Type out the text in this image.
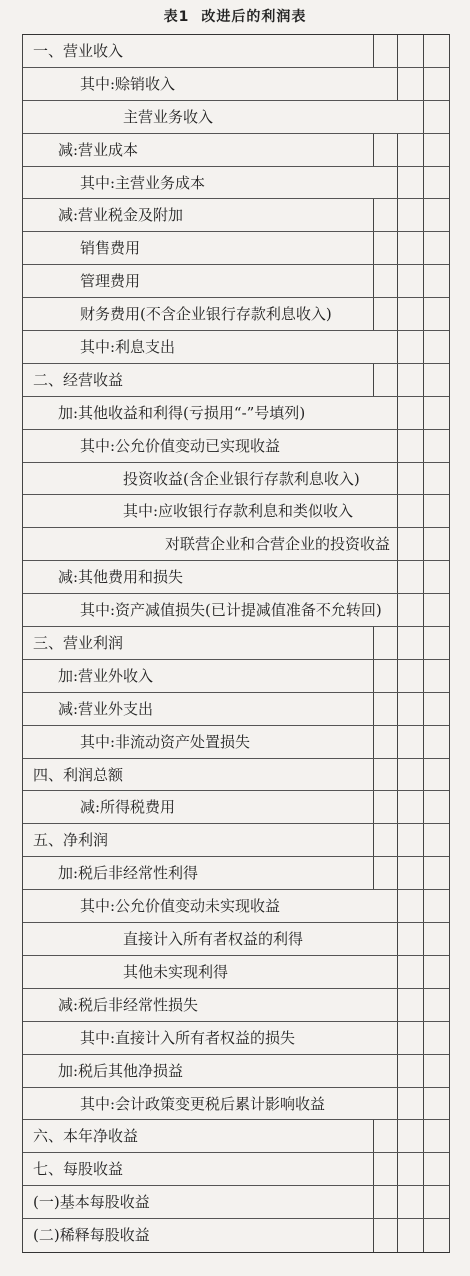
表1 改进后的利润表
一、营业收入
其中:赊销收入
主营业务收入
减:营业成本
其中:主营业务成本
减:营业税金及附加
销售费用
管理费用
财务费用(不含企业银行存款利息收入)
其中:利息支出
二、经营收益
加:其他收益和利得(亏损用“-”号填列)
其中:公允价值变动已实现收益
投资收益(含企业银行存款利息收入)
其中:应收银行存款利息和类似收入
对联营企业和合营企业的投资收益
减:其他费用和损失
其中:资产减值损失(已计提减值准备不允转回)
三、营业利润
加:营业外收入
减:营业外支出
其中:非流动资产处置损失
四、利润总额
减:所得税费用
五、净利润
加:税后非经常性利得
其中:公允价值变动未实现收益
直接计入所有者权益的利得
其他未实现利得
减:税后非经常性损失
其中:直接计入所有者权益的损失
加:税后其他净损益
其中:会计政策变更税后累计影响收益
六、本年净收益
七、每股收益
(一)基本每股收益
(二)稀释每股收益
